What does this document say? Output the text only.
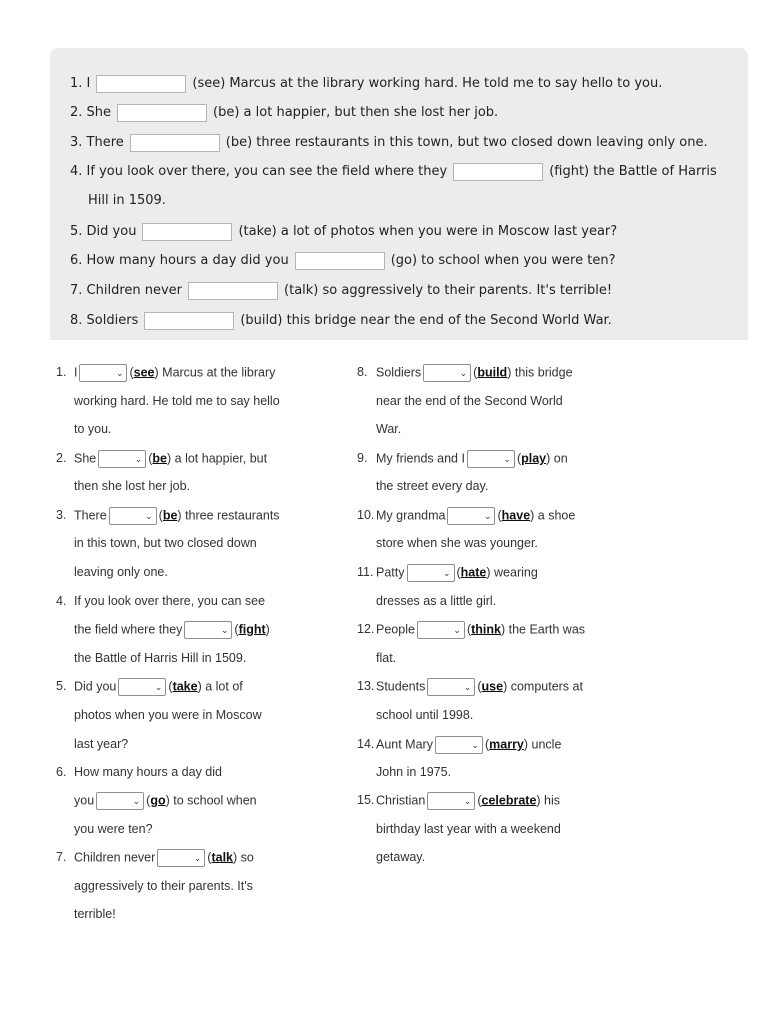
1. I	(see) Marcus at the library working hard. He told me to say hello to you.
2. She	(be) a lot happier, but then she lost her job.
3. There	(be) three restaurants in this town, but two closed down leaving only one.
4. If you look over there, you can see the field where they	(fight) the Battle of Harris
Hill in 1509.
5. Did you	(take) a lot of photos when you were in Moscow last year?
6. How many hours a day did you	(go) to school when you were ten?
7. Children never	(talk) so aggressively to their parents. It's terrible!
8. Soldiers	(build) this bridge near the end of the Second World War.
1. I	⌄ (see) Marcus at the library
working hard. He told me to say hello
to you.
2. She	⌄ (be) a lot happier, but
then she lost her job.
3. There	⌄ (be) three restaurants
in this town, but two closed down
leaving only one.
4. If you look over there, you can see
the field where they	⌄ (fight)
the Battle of Harris Hill in 1509.
5. Did you	⌄ (take) a lot of
photos when you were in Moscow
last year?
6. How many hours a day did
you	⌄ (go) to school when
you were ten?
7. Children never	⌄ (talk) so
aggressively to their parents. It's
terrible!
8. Soldiers	⌄ (build) this bridge
near the end of the Second World
War.
9. My friends and I	⌄ (play) on
the street every day.
10. My grandma	⌄ (have) a shoe
store when she was younger.
11. Patty	⌄ (hate) wearing
dresses as a little girl.
12. People	⌄ (think) the Earth was
flat.
13. Students	⌄ (use) computers at
school until 1998.
14. Aunt Mary	⌄ (marry) uncle
John in 1975.
15. Christian	⌄ (celebrate) his
birthday last year with a weekend
getaway.
